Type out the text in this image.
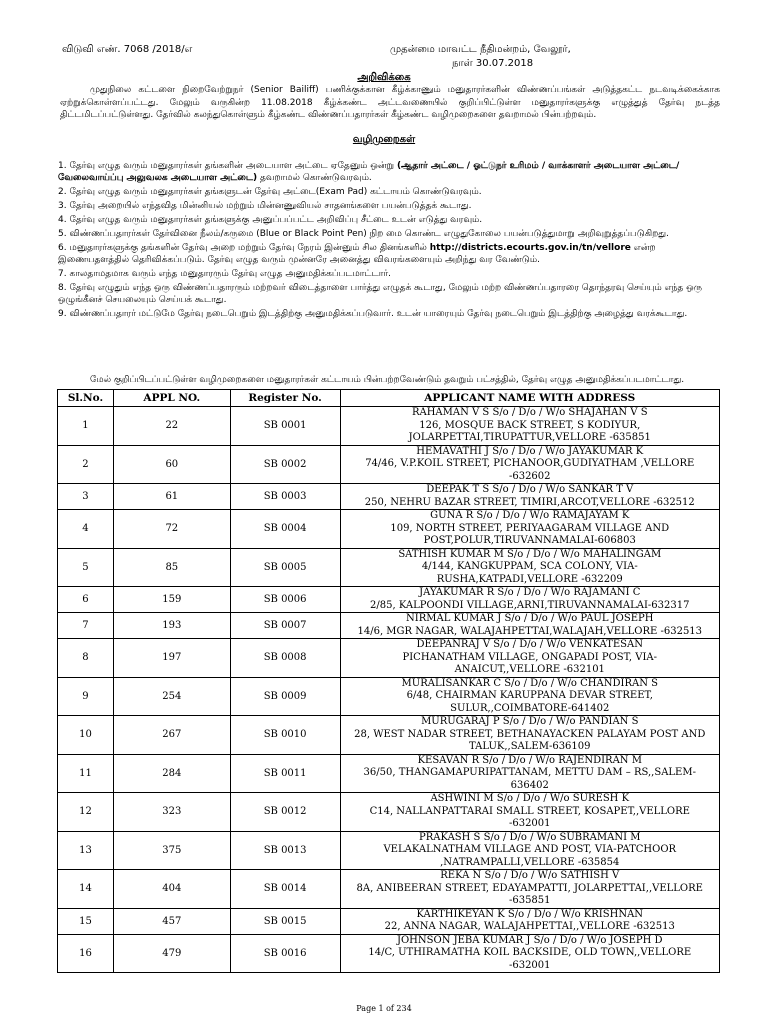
விடுவி எண். 7068 /2018/எ	முதன்மை மாவட்ட நீதிமன்றம், வேலூர்,
நாள் 30.07.2018
அறிவிக்கை
முதுநிலை கட்டளை நிறைவேற்றுநர் (Senior Bailiff) பணிக்குக்கான கீழ்க்காணும் மனுதாரர்களின் விண்ணப்பங்கள் அடுத்தகட்ட நடவடிக்கைக்காக ஏற்றுக்கொள்ளப்பட்டது. மேலும் வருகின்ற 11.08.2018 கீழ்க்கண்ட அட்டவணையில் குறிப்பிட்டுள்ள மனுதாரர்களுக்கு எழுத்துத் தேர்வு நடத்த திட்டமிடப்பட்டுள்ளது. தேர்வில் கலந்துகொள்ளும் கீழ்கண்ட விண்ணப்பதாரர்கள் கீழ்கண்ட வழிமுறைகளை தவறாமல் பின்பற்றவும்.
வழிமுறைகள்
1. தேர்வு எழுத வரும் மனுதாரர்கள் தங்களின் அடையாள அட்டை ஏதேனும் ஒன்று (ஆதார் அட்டை / ஓட்டுநர் உரிமம் / வாக்காளர் அடையாள அட்டை/வேலைவாய்ப்பு அலுவலக அடையாள அட்டை) தவறாமல் கொண்டுவரவும்.
2. தேர்வு எழுத வரும் மனுதாரர்கள் தங்களுடன் தேர்வு அட்டை(Exam Pad) கட்டாயம் கொண்டுவரவும்.
3. தேர்வு அறையில் எந்தவித மின்னியல் மற்றும் மின்னணுவியல் சாதனங்களை பயன்படுத்தக் கூடாது.
4. தேர்வு எழுத வரும் மனுதாரர்கள் தங்களுக்கு அனுப்பப்பட்ட அறிவிப்பு சீட்டை உடன் எடுத்து வரவும்.
5. விண்ணப்பதாரர்கள் தேர்வினை நீலம்/கருமை (Blue or Black Point Pen) நிற மை கொண்ட எழுதுகோலை பயன்படுத்துமாறு அறிவுறுத்தப்படுகிறது.
6. மனுதாரர்களுக்கு தங்களின் தேர்வு அறை மற்றும் தேர்வு நேரம் இன்னும் சில தினங்களில் http://districts.ecourts.gov.in/tn/vellore என்ற இணையதளத்தில் தெரிவிக்கப்படும். தேர்வு எழுத வரும் முன்னரே அனைத்து விவரங்களையும் அறிந்து வர வேண்டும்.
7. காலதாமதமாக வரும் எந்த மனுதாரரும் தேர்வு எழுத அனுமதிக்கப்படமாட்டார்.
8. தேர்வு எழுதும் எந்த ஒரு விண்ணப்பதாரரும் மற்றவர் விடைத்தாளை பார்த்து எழுதக் கூடாது, மேலும் மற்ற விண்ணப்பதாரரை தொந்தரவு செய்யும் எந்த ஒரு ஒழுங்கீனச் செயலையும் செய்யக் கூடாது.
9. விண்ணப்பதாரர் மட்டுமே தேர்வு நடைபெறும் இடத்திற்கு அனுமதிக்கப்படுவார். உடன் யாரையும் தேர்வு நடைபெறும் இடத்திற்கு அழைத்து வரக்கூடாது.
மேல் குறிப்பிடப்பட்டுள்ள வழிமுறைகளை மனுதாரர்கள் கட்டாயம் பின்பற்றவேண்டும் தவறும் பட்சத்தில், தேர்வு எழுத அனுமதிக்கப்படமாட்டாது.
Sl.No.	APPL NO.	Register No.	APPLICANT NAME WITH ADDRESS
1	22	SB 0001	RAHAMAN V S S/o / D/o / W/o SHAJAHAN V S
126, MOSQUE BACK STREET, S KODIYUR,
JOLARPETTAI,TIRUPATTUR,VELLORE -635851

2	60	SB 0002	HEMAVATHI J S/o / D/o / W/o JAYAKUMAR K
74/46, V.P.KOIL STREET, PICHANOOR,GUDIYATHAM ,VELLORE
-632602

3	61	SB 0003	DEEPAK T S S/o / D/o / W/o SANKAR T V
250, NEHRU BAZAR STREET, TIMIRI,ARCOT,VELLORE -632512

4	72	SB 0004	GUNA R S/o / D/o / W/o RAMAJAYAM K
109, NORTH STREET, PERIYAAGARAM VILLAGE AND
POST,POLUR,TIRUVANNAMALAI-606803

5	85	SB 0005	SATHISH KUMAR M S/o / D/o / W/o MAHALINGAM
4/144, KANGKUPPAM, SCA COLONY, VIA-
RUSHA,KATPADI,VELLORE -632209

6	159	SB 0006	JAYAKUMAR R S/o / D/o / W/o RAJAMANI C
2/85, KALPOONDI VILLAGE,ARNI,TIRUVANNAMALAI-632317

7	193	SB 0007	NIRMAL KUMAR J S/o / D/o / W/o PAUL JOSEPH
14/6, MGR NAGAR, WALAJAHPETTAI,WALAJAH,VELLORE -632513

8	197	SB 0008	DEEPANRAJ V S/o / D/o / W/o VENKATESAN
PICHANATHAM VILLAGE, ONGAPADI POST, VIA-
ANAICUT,,VELLORE -632101

9	254	SB 0009	MURALISANKAR C S/o / D/o / W/o CHANDIRAN S
6/48, CHAIRMAN KARUPPANA DEVAR STREET,
SULUR,,COIMBATORE-641402

10	267	SB 0010	MURUGARAJ P S/o / D/o / W/o PANDIAN S
28, WEST NADAR STREET, BETHANAYACKEN PALAYAM POST AND
TALUK,,SALEM-636109

11	284	SB 0011	KESAVAN R S/o / D/o / W/o RAJENDIRAN M
36/50, THANGAMAPURIPATTANAM, METTU DAM – RS,,SALEM-
636402

12	323	SB 0012	ASHWINI M S/o / D/o / W/o SURESH K
C14, NALLANPATTARAI SMALL STREET, KOSAPET,,VELLORE
-632001

13	375	SB 0013	PRAKASH S S/o / D/o / W/o SUBRAMANI M
VELAKALNATHAM VILLAGE AND POST, VIA-PATCHOOR
,NATRAMPALLI,VELLORE -635854

14	404	SB 0014	REKA N S/o / D/o / W/o SATHISH V
8A, ANIBEERAN STREET, EDAYAMPATTI, JOLARPETTAI,,VELLORE
-635851

15	457	SB 0015	KARTHIKEYAN K S/o / D/o / W/o KRISHNAN
22, ANNA NAGAR, WALAJAHPETTAI,,VELLORE -632513

16	479	SB 0016	JOHNSON JEBA KUMAR J S/o / D/o / W/o JOSEPH D
14/C, UTHIRAMATHA KOIL BACKSIDE, OLD TOWN,,VELLORE
-632001
Page 1 of 234
